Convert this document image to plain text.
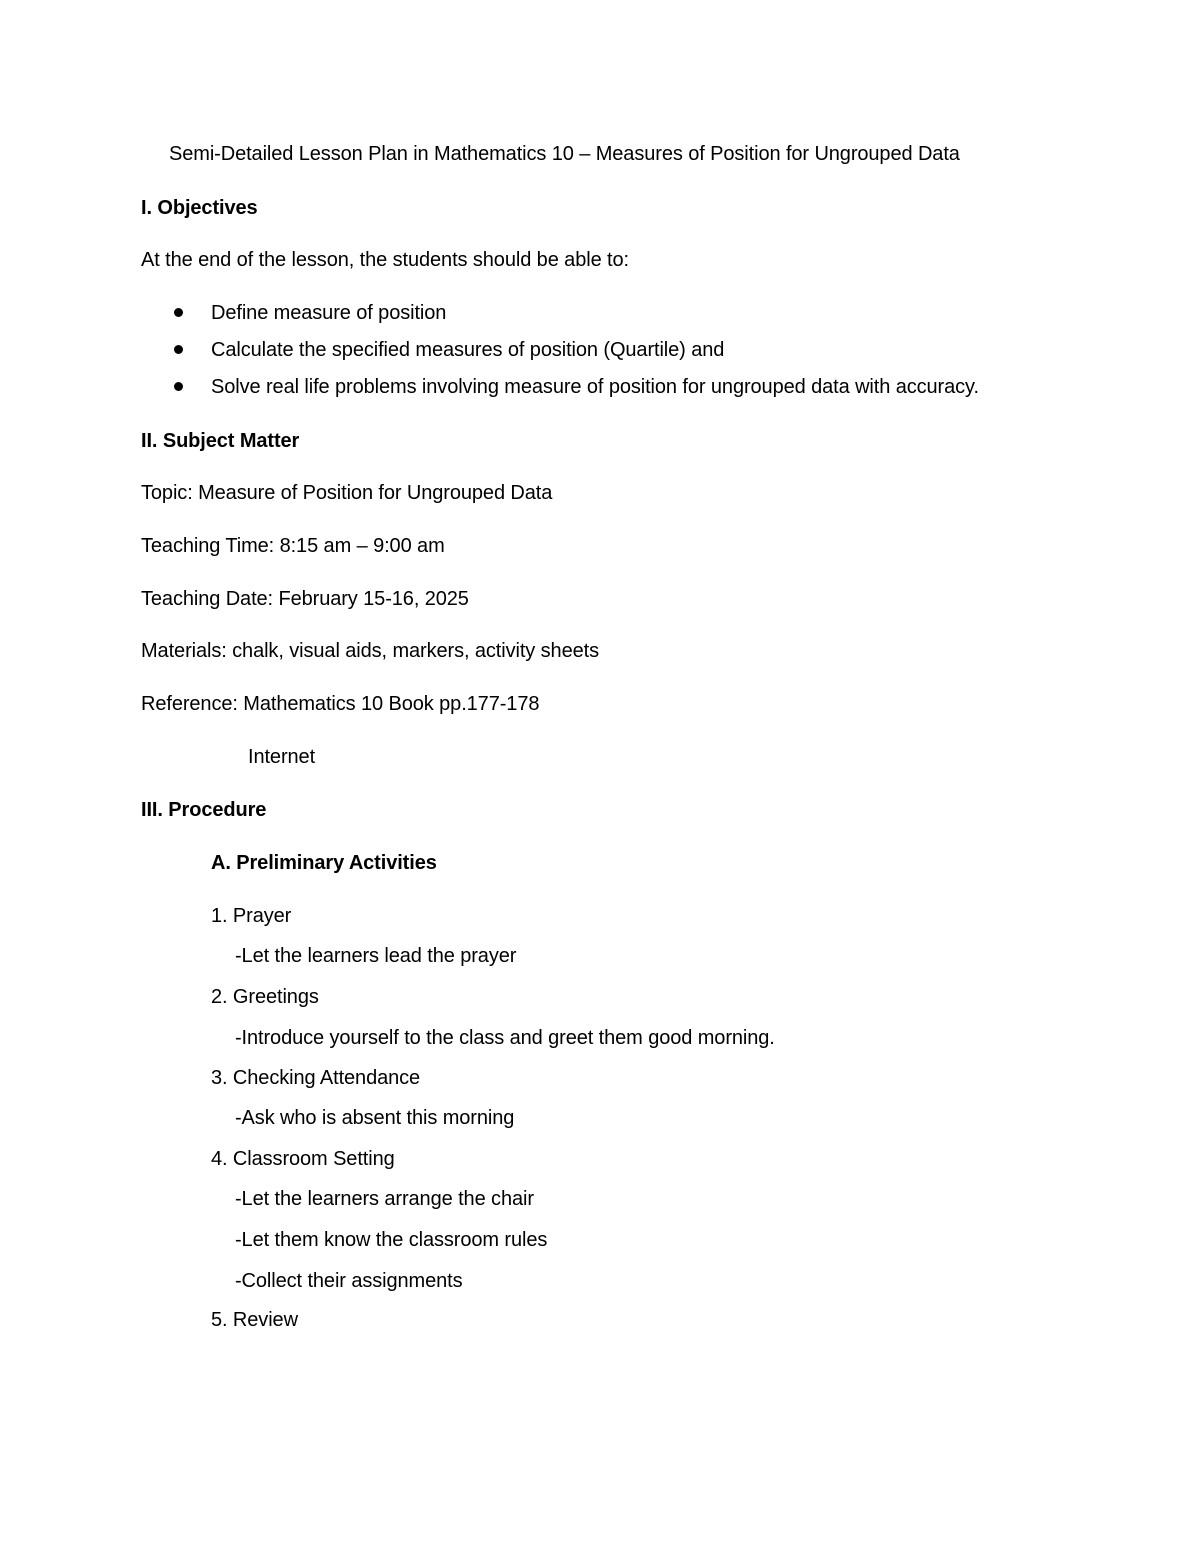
Semi-Detailed Lesson Plan in Mathematics 10 – Measures of Position for Ungrouped Data

I. Objectives

At the end of the lesson, the students should be able to:

Define measure of position

Calculate the specified measures of position (Quartile) and

Solve real life problems involving measure of position for ungrouped data with accuracy.

II. Subject Matter

Topic: Measure of Position for Ungrouped Data

Teaching Time: 8:15 am – 9:00 am

Teaching Date: February 15-16, 2025

Materials: chalk, visual aids, markers, activity sheets

Reference: Mathematics 10 Book pp.177-178

Internet

III. Procedure

A. Preliminary Activities

1. Prayer

-Let the learners lead the prayer

2. Greetings

-Introduce yourself to the class and greet them good morning.

3. Checking Attendance

-Ask who is absent this morning

4. Classroom Setting

-Let the learners arrange the chair

-Let them know the classroom rules

-Collect their assignments

5. Review
